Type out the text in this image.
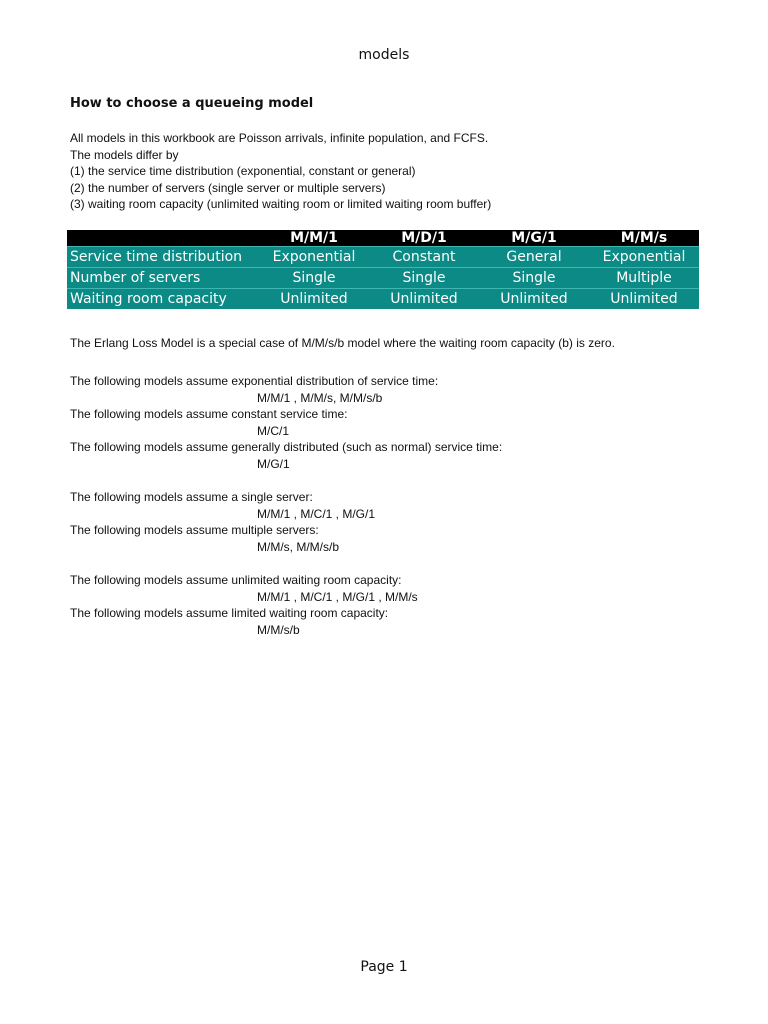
models
How to choose a queueing model
All models in this workbook are Poisson arrivals, infinite population, and FCFS.
The models differ by
(1) the service time distribution (exponential, constant or general)
(2) the number of servers (single server or multiple servers)
(3) waiting room capacity (unlimited waiting room or limited waiting room buffer)
	M/M/1	M/D/1	M/G/1	M/M/s
Service time distribution	Exponential	Constant	General	Exponential
Number of servers	Single	Single	Single	Multiple
Waiting room capacity	Unlimited	Unlimited	Unlimited	Unlimited
The Erlang Loss Model is a special case of M/M/s/b model where the waiting room capacity (b) is zero.
The following models assume exponential distribution of service time:
M/M/1 , M/M/s, M/M/s/b
The following models assume constant service time:
M/C/1
The following models assume generally distributed (such as normal) service time:
M/G/1
The following models assume a single server:
M/M/1 , M/C/1 , M/G/1
The following models assume multiple servers:
M/M/s, M/M/s/b
The following models assume unlimited waiting room capacity:
M/M/1 , M/C/1 , M/G/1 , M/M/s
The following models assume limited waiting room capacity:
M/M/s/b
Page 1
